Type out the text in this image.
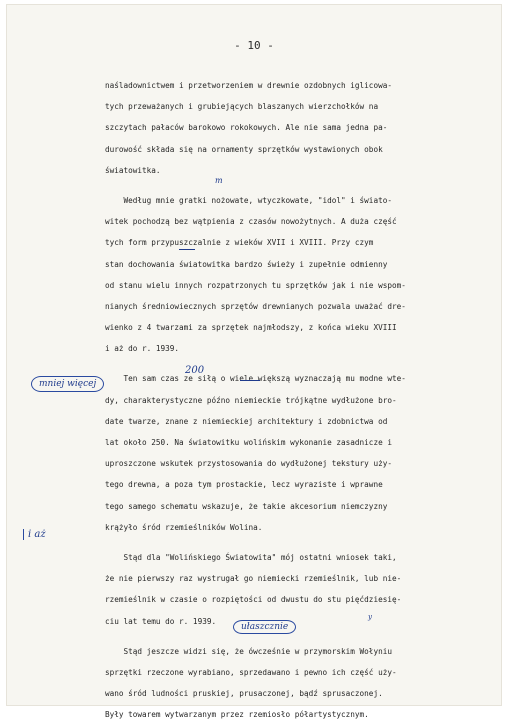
- 10 -
naśladownictwem i przetworzeniem w drewnie ozdobnych iglicowa-
tych przeważanych i grubiejących blaszanych wierzchołków na
szczytach pałaców barokowo rokokowych. Ale nie sama jedna pa-
durowość składa się na ornamenty sprzętków wystawionych obok
światowitka.
Według mnie gratki nożowate, wtyczkowate, "idol" i świato-
witek pochodzą bez wątpienia z czasów nowożytnych. A duża część
tych form przypuszczalnie z wieków XVII i XVIII. Przy czym
stan dochowania światowitka bardzo świeży i zupełnie odmienny
od stanu wielu innych rozpatrzonych tu sprzętków jak i nie wspom-
nianych średniowiecznych sprzętów drewnianych pozwala uważać dre-
wienko z 4 twarzami za sprzętek najmłodszy, z końca wieku XVIII
i aż do r. 1939.
Ten sam czas ze siłą o wiele większą wyznaczają mu modne wte-
dy, charakterystyczne późno niemieckie trójkątne wydłużone bro-
date twarze, znane z niemieckiej architektury i zdobnictwa od
lat około 250. Na światowitku wolińskim wykonanie zasadnicze i
uproszczone wskutek przystosowania do wydłużonej tekstury uży-
tego drewna, a poza tym prostackie, lecz wyraziste i wprawne
tego samego schematu wskazuje, że takie akcesorium niemczyzny
krążyło śród rzemieślników Wolina.
Stąd dla "Wolińskiego Światowita" mój ostatni wniosek taki,
że nie pierwszy raz wystrugał go niemiecki rzemieślnik, lub nie-
rzemieślnik w czasie o rozpiętości od dwustu do stu pięćdziesię-
ciu lat temu do r. 1939.
Stąd jeszcze widzi się, że ówcześnie w przymorskim Wołyniu
sprzętki rzeczone wyrabiano, sprzedawano i pewno ich część uży-
wano śród ludności pruskiej, prusaczonej, bądź sprusaczonej.
Były towarem wytwarzanym przez rzemiosło półartystycznym.
200
m
y
mniej więcej
i aż
ułaszcznie
